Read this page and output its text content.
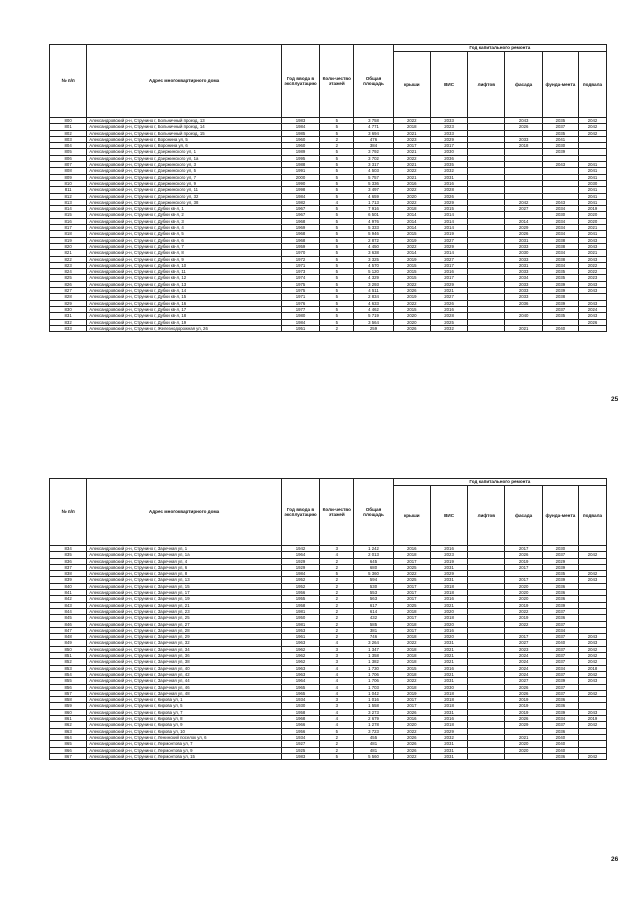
№ п/п	Адрес многоквартирного дома	Год ввода в эксплуатацию	Коли-чество этажей	Общая площадь	Год капитального ремонта					
					крыши	ВИС	лифтов	фасада	фунда-мента	подвала
800	Александровский р-н, Струнино г, Больничный проезд, 13	1983	5	3 758	2022	2033		2043	2035	2042
801	Александровский р-н, Струнино г, Больничный проезд, 14	1984	5	4 771	2018	2023		2026	2037	2042
802	Александровский р-н, Струнино г, Больничный проезд, 15	1985	5	3 694	2021	2033			2035	2042
803	Александровский р-н, Струнино г, Воронина ул, 5	1960	2	476	2023	2029		2033	2041	
804	Александровский р-н, Струнино г, Воронина ул, 6	1960	2	384	2017	2017		2018	2030	
805	Александровский р-н, Струнино г, Дзержинского ул, 1	1989	5	3 792	2021	2030			2039	
806	Александровский р-н, Струнино г, Дзержинского ул, 1а	1995	5	3 702	2022	2036				
807	Александровский р-н, Струнино г, Дзержинского ул, 3	1988	5	3 317	2021	2035			2043	2041
808	Александровский р-н, Струнино г, Дзержинского ул, 5	1991	5	4 503	2022	2032				2041
809	Александровский р-н, Струнино г, Дзержинского ул, 7	2000	5	5 757	2021	2031				2041
810	Александровский р-н, Струнино г, Дзержинского ул, 9	1990	5	5 336	2016	2016				2030
811	Александровский р-н, Струнино г, Дзержинского ул, 11	1998	5	3 497	2022	2028				2041
812	Александровский р-н, Струнино г, Дзержинского ул, 32	1984	5	4 659	2020	2026				2041
813	Александровский р-н, Струнино г, Дзержинского ул, 38	1982	4	1 713	2022	2029		2042	2043	2041
814	Александровский р-н, Струнино г, Дубки кв-л, 1	1967	5	7 916	2018	2015		2027	2034	2019
815	Александровский р-н, Струнино г, Дубки кв-л, 2	1967	5	6 501	2014	2014			2030	2020
816	Александровский р-н, Струнино г, Дубки кв-л, 3	1968	5	4 976	2014	2014		2014	2034	2020
817	Александровский р-н, Струнино г, Дубки кв-л, 4	1969	5	5 333	2014	2014		2029	2034	2021
818	Александровский р-н, Струнино г, Дубки кв-л, 5	1968	5	5 946	2015	2019		2026	2034	2041
819	Александровский р-н, Струнино г, Дубки кв-л, 6	1968	5	2 872	2019	2027		2031	2038	2043
820	Александровский р-н, Струнино г, Дубки кв-л, 7	1959	5	4 450	2022	2029		2033	2038	2043
821	Александровский р-н, Струнино г, Дубки кв-л, 8	1970	5	3 638	2014	2014		2030	2034	2021
822	Александровский р-н, Струнино г, Дубки кв-л, 9	1972	5	3 325	2019	2027		2033	2038	2043
823	Александровский р-н, Струнино г, Дубки кв-л, 10	1971	5	4 570	2015	2017		2031	2034	2022
824	Александровский р-н, Струнино г, Дубки кв-л, 11	1973	5	5 120	2015	2016		2033	2035	2022
825	Александровский р-н, Струнино г, Дубки кв-л, 12	1974	5	4 329	2015	2017		2034	2035	2023
826	Александровский р-н, Струнино г, Дубки кв-л, 13	1975	5	3 293	2022	2029		2033	2039	2043
827	Александровский р-н, Струнино г, Дубки кв-л, 14	1975	5	4 511	2026	2021		2033	2039	2043
828	Александровский р-н, Струнино г, Дубки кв-л, 15	1971	5	2 834	2019	2027		2033	2038	
829	Александровский р-н, Струнино г, Дубки кв-л, 16	1976	5	4 633	2022	2026		2036	2039	2043
830	Александровский р-н, Струнино г, Дубки кв-л, 17	1977	5	4 462	2015	2016			2037	2024
831	Александровский р-н, Струнино г, Дубки кв-л, 18	1980	5	5 719	2020	2028		2040	2035	2043
832	Александровский р-н, Струнино г, Дубки кв-л, 19	1984	5	3 564	2020	2025				2026
833	Александровский р-н, Струнино г, Железнодорожная ул, 26	1951	2	259	2026	2032		2021	2040	
25
№ п/п	Адрес многоквартирного дома	Год ввода в эксплуатацию	Коли-чество этажей	Общая площадь	Год капитального ремонта					
					крыши	ВИС	лифтов	фасада	фунда-мента	подвала
834	Александровский р-н, Струнино г, Заречная ул, 1	1942	3	1 242	2016	2016		2017	2030	
835	Александровский р-н, Струнино г, Заречная ул, 1а	1964	4	2 013	2018	2023		2026	2037	2042
836	Александровский р-н, Струнино г, Заречная ул, 4	1929	2	645	2017	2019		2019	2029	
837	Александровский р-н, Струнино г, Заречная ул, 6	1929	2	680	2025	2031		2017	2039	
838	Александровский р-н, Струнино г, Заречная ул, 8	1984	5	5 360	2022	2029			2035	2042
839	Александровский р-н, Струнино г, Заречная ул, 13	1952	2	594	2025	2031		2017	2039	2043
840	Александровский р-н, Струнино г, Заречная ул, 15	1952	2	530	2017	2018		2020	2036	
841	Александровский р-н, Струнино г, Заречная ул, 17	1956	2	553	2017	2018		2020	2036	
842	Александровский р-н, Струнино г, Заречная ул, 19	1955	2	563	2017	2016		2020	2036	
843	Александровский р-н, Струнино г, Заречная ул, 21	1958	2	617	2025	2021		2019	2039	
844	Александровский р-н, Струнино г, Заречная ул, 23	1981	2	614	2018	2020		2022	2037	
845	Александровский р-н, Струнино г, Заречная ул, 25	1950	2	432	2017	2018		2019	2036	
846	Александровский р-н, Струнино г, Заречная ул, 27	1981	2	585	2018	2020		2022	2037	
847	Александровский р-н, Струнино г, Заречная ул, 28	1953	2	381	2017	2016			2034	
848	Александровский р-н, Струнино г, Заречная ул, 29	1961	2	746	2018	2020		2017	2037	2043
849	Александровский р-н, Струнино г, Заречная ул, 32	1963	4	3 264	2022	2031		2027	2040	2043
850	Александровский р-н, Струнино г, Заречная ул, 34	1962	3	1 347	2018	2021		2023	2037	2042
851	Александровский р-н, Струнино г, Заречная ул, 36	1962	3	1 358	2018	2021		2024	2037	2042
852	Александровский р-н, Струнино г, Заречная ул, 38	1962	3	1 382	2018	2021		2024	2037	2042
853	Александровский р-н, Струнино г, Заречная ул, 40	1963	4	1 730	2015	2016		2024	2034	2018
854	Александровский р-н, Струнино г, Заречная ул, 42	1963	4	1 706	2018	2021		2024	2037	2042
855	Александровский р-н, Струнино г, Заречная ул, 44	1964	4	1 706	2022	2031		2027	2039	2043
856	Александровский р-н, Струнино г, Заречная ул, 46	1965	4	1 703	2018	2030		2026	2037	
857	Александровский р-н, Струнино г, Заречная ул, 48	1965	4	1 042	2019	2018		2026	2037	2042
858	Александровский р-н, Струнино г, Кирова ул, 1	1934	3	1 016	2017	2018		2019	2036	
859	Александровский р-н, Струнино г, Кирова ул, 5	1930	3	1 558	2017	2018		2019	2036	
860	Александровский р-н, Струнино г, Кирова ул, 7	1958	4	3 273	2026	2031		2019	2039	2043
861	Александровский р-н, Струнино г, Кирова ул, 8	1968	4	2 679	2016	2016		2026	2034	2019
862	Александровский р-н, Струнино г, Кирова ул, 9	1966	4	1 278	2020	2018		2029	2037	2042
863	Александровский р-н, Струнино г, Кирова ул, 10	1956	5	3 723	2022	2029			2036	
864	Александровский р-н, Струнино г, Ленинский поселок ул, 6	1934	2	455	2026	2032		2021	2040	
865	Александровский р-н, Струнино г, Лермонтова ул, 7	1927	2	481	2026	2031		2020	2040	
866	Александровский р-н, Струнино г, Лермонтова ул, 9	1925	2	481	2026	2031		2020	2040	
867	Александровский р-н, Струнино г, Лермонтова ул, 15	1983	5	5 560	2022	2031			2036	2042
26
